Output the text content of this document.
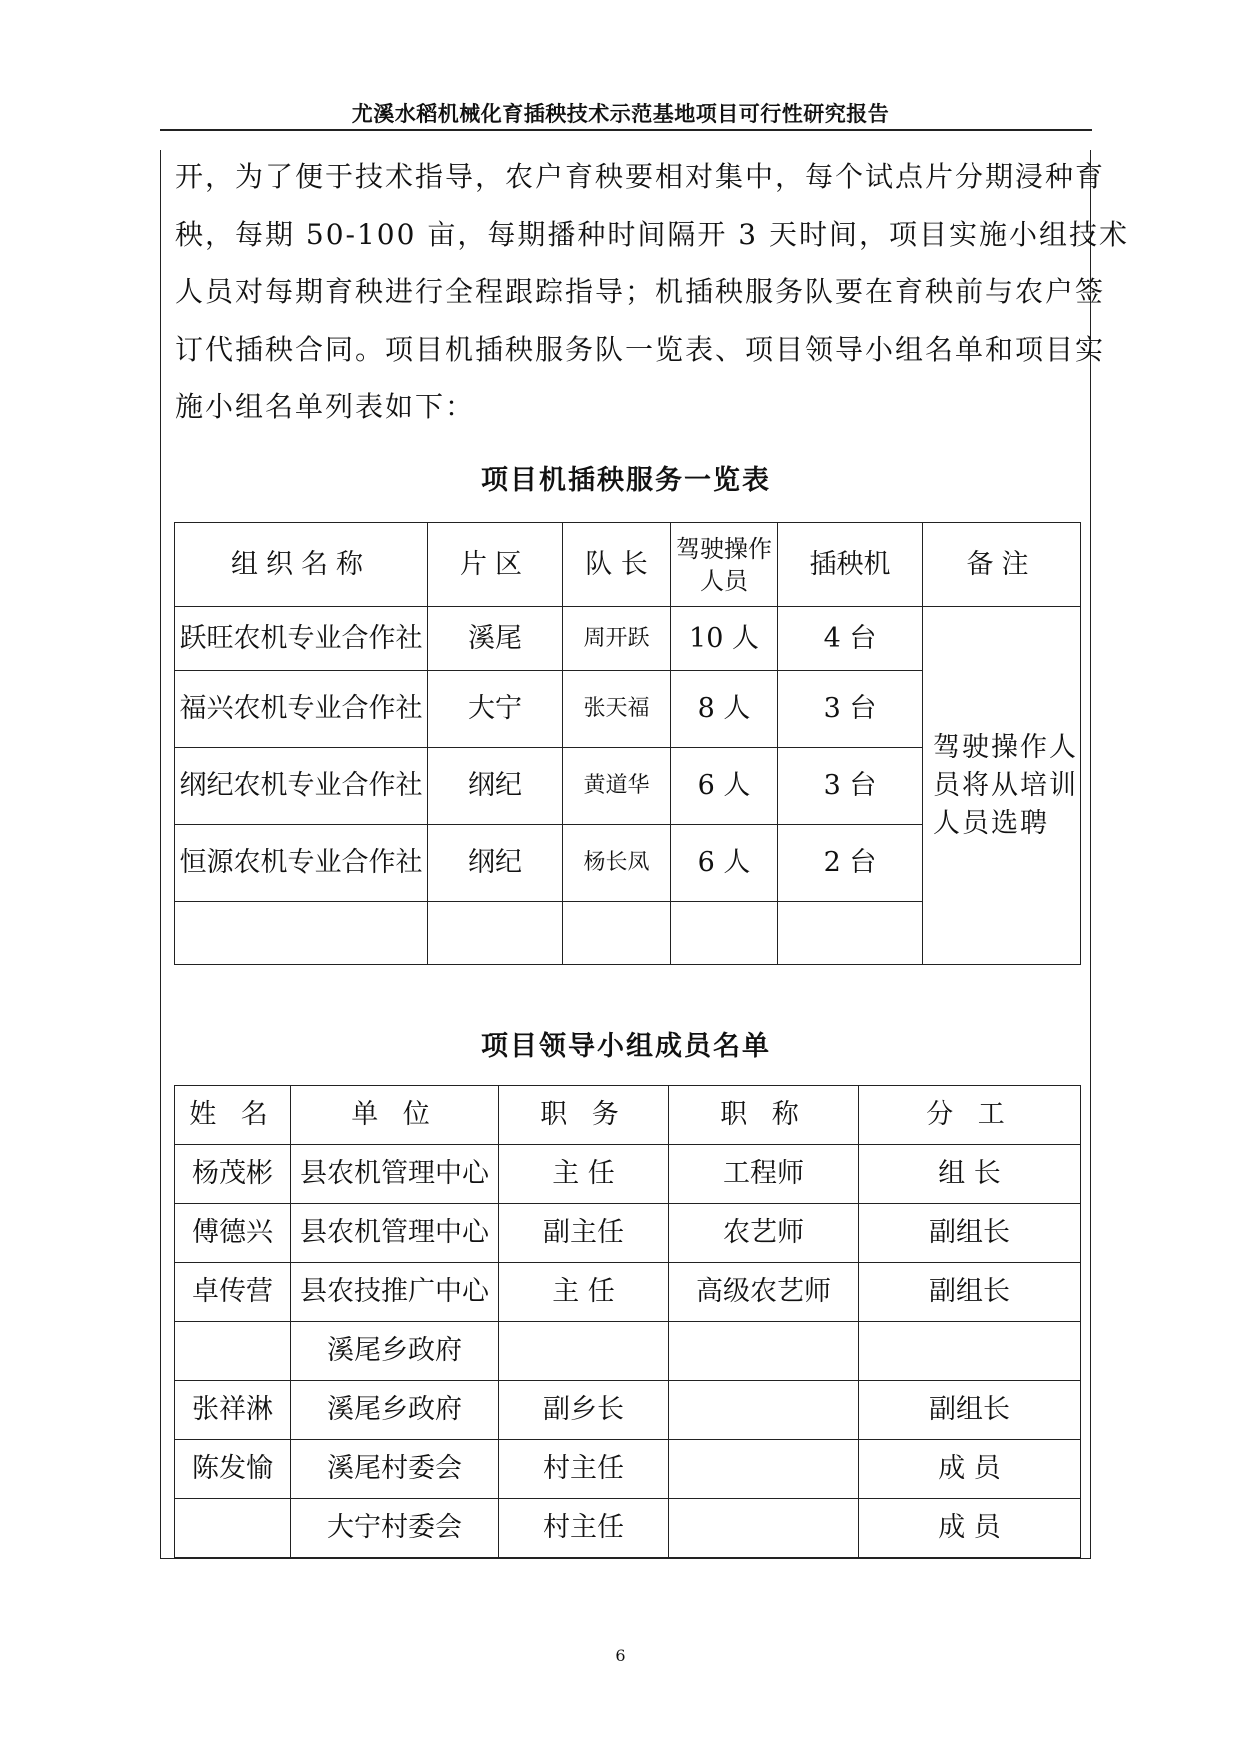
尤溪水稻机械化育插秧技术示范基地项目可行性研究报告
开，为了便于技术指导，农户育秧要相对集中，每个试点片分期浸种育
秧，每期 50-100 亩，每期播种时间隔开 3 天时间，项目实施小组技术
人员对每期育秧进行全程跟踪指导；机插秧服务队要在育秧前与农户签
订代插秧合同。项目机插秧服务队一览表、项目领导小组名单和项目实
施小组名单列表如下：
项目机插秧服务一览表
组织名称	片区	队 长	驾驶操作人员	插秧机	备注
跃旺农机专业合作社	溪尾	周开跃	10 人	4 台	驾驶操作人员将从培训人员选聘
福兴农机专业合作社	大宁	张天福	8 人	3 台	
纲纪农机专业合作社	纲纪	黄道华	6 人	3 台	
恒源农机专业合作社	纲纪	杨长凤	6 人	2 台	

项目领导小组成员名单
姓 名	单 位	职 务	职 称	分 工
杨茂彬	县农机管理中心	主 任	工程师	组 长
傅德兴	县农机管理中心	副主任	农艺师	副组长
卓传营	县农技推广中心	主 任	高级农艺师	副组长
	溪尾乡政府			
张祥淋	溪尾乡政府	副乡长		副组长
陈发愉	溪尾村委会	村主任		成 员
	大宁村委会	村主任		成 员
6
